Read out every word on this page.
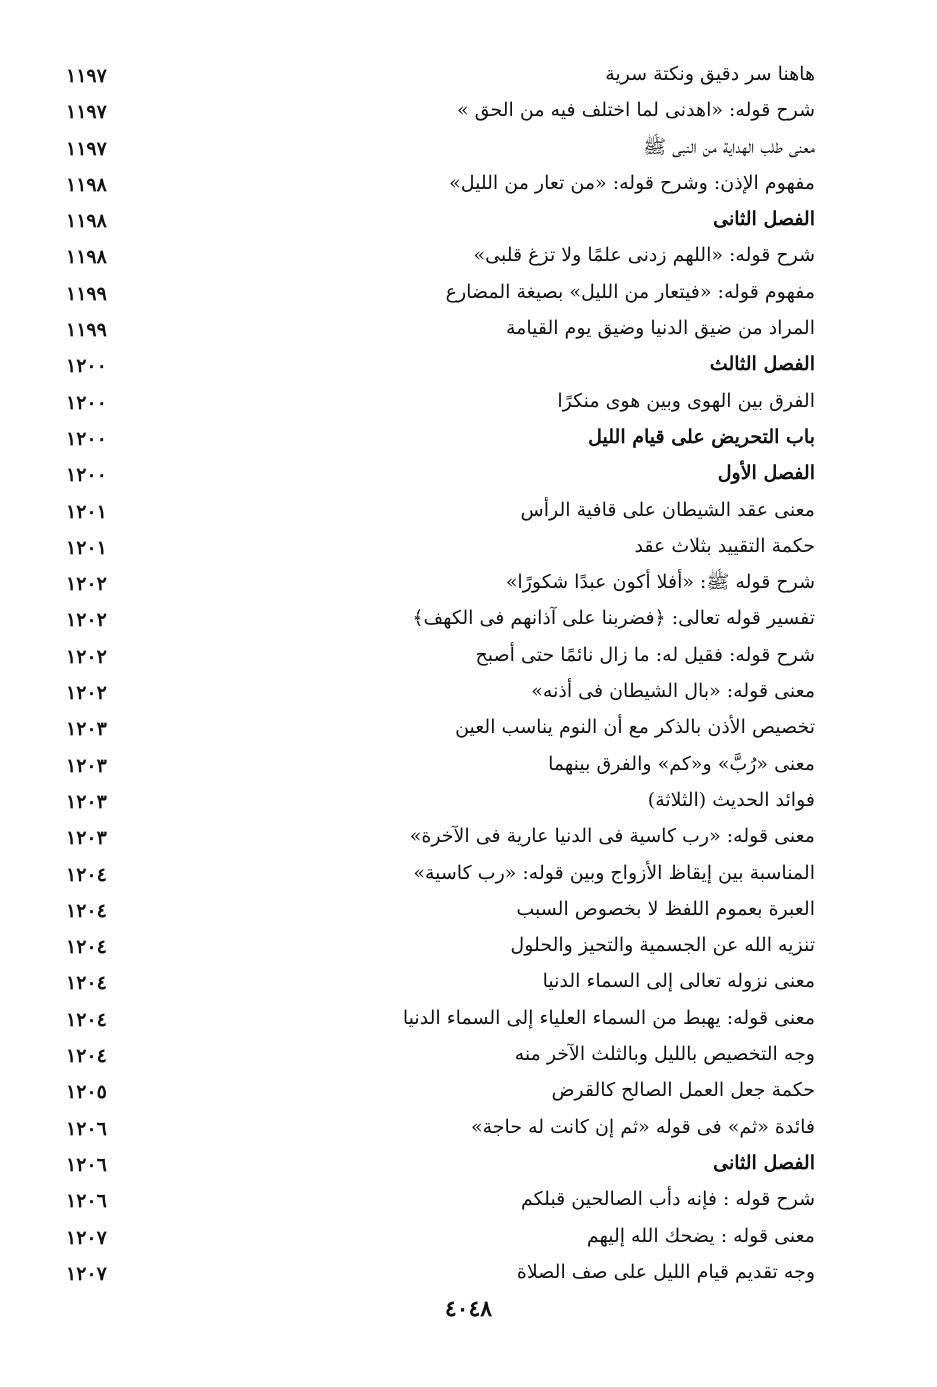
هاهنا سر دقيق ونكتة سرية
١١٩٧
شرح قوله: «اهدنى لما اختلف فيه من الحق »
١١٩٧
معنى طلب الهداية من النبى ﷺ
١١٩٧
مفهوم الإذن: وشرح قوله: «من تعار من الليل»
١١٩٨
الفصل الثانى
١١٩٨
شرح قوله: «اللهم زدنى علمًا ولا تزغ قلبى»
١١٩٨
مفهوم قوله: «فيتعار من الليل» بصيغة المضارع
١١٩٩
المراد من ضيق الدنيا وضيق يوم القيامة
١١٩٩
الفصل الثالث
١٢٠٠
الفرق بين الهوى وبين هوى منكرًا
١٢٠٠
باب التحريض على قيام الليل
١٢٠٠
الفصل الأول
١٢٠٠
معنى عقد الشيطان على قافية الرأس
١٢٠١
حكمة التقييد بثلاث عقد
١٢٠١
شرح قوله ﷺ: «أفلا أكون عبدًا شكورًا»
١٢٠٢
تفسير قوله تعالى: ﴿فضربنا على آذانهم فى الكهف﴾
١٢٠٢
شرح قوله: فقيل له: ما زال نائمًا حتى أصبح
١٢٠٢
معنى قوله: «بال الشيطان فى أذنه»
١٢٠٢
تخصيص الأذن بالذكر مع أن النوم يناسب العين
١٢٠٣
معنى «رُبَّ» و«كم» والفرق بينهما
١٢٠٣
فوائد الحديث (الثلاثة)
١٢٠٣
معنى قوله: «رب كاسية فى الدنيا عارية فى الآخرة»
١٢٠٣
المناسبة بين إيقاظ الأزواج وبين قوله: «رب كاسية»
١٢٠٤
العبرة بعموم اللفظ لا بخصوص السبب
١٢٠٤
تنزيه الله عن الجسمية والتحيز والحلول
١٢٠٤
معنى نزوله تعالى إلى السماء الدنيا
١٢٠٤
معنى قوله: يهبط من السماء العلياء إلى السماء الدنيا
١٢٠٤
وجه التخصيص بالليل وبالثلث الآخر منه
١٢٠٤
حكمة جعل العمل الصالح كالقرض
١٢٠٥
فائدة «ثم» فى قوله «ثم إن كانت له حاجة»
١٢٠٦
الفصل الثانى
١٢٠٦
شرح قوله : فإنه دأب الصالحين قبلكم
١٢٠٦
معنى قوله : يضحك الله إليهم
١٢٠٧
وجه تقديم قيام الليل على صف الصلاة
١٢٠٧
٤٠٤٨
